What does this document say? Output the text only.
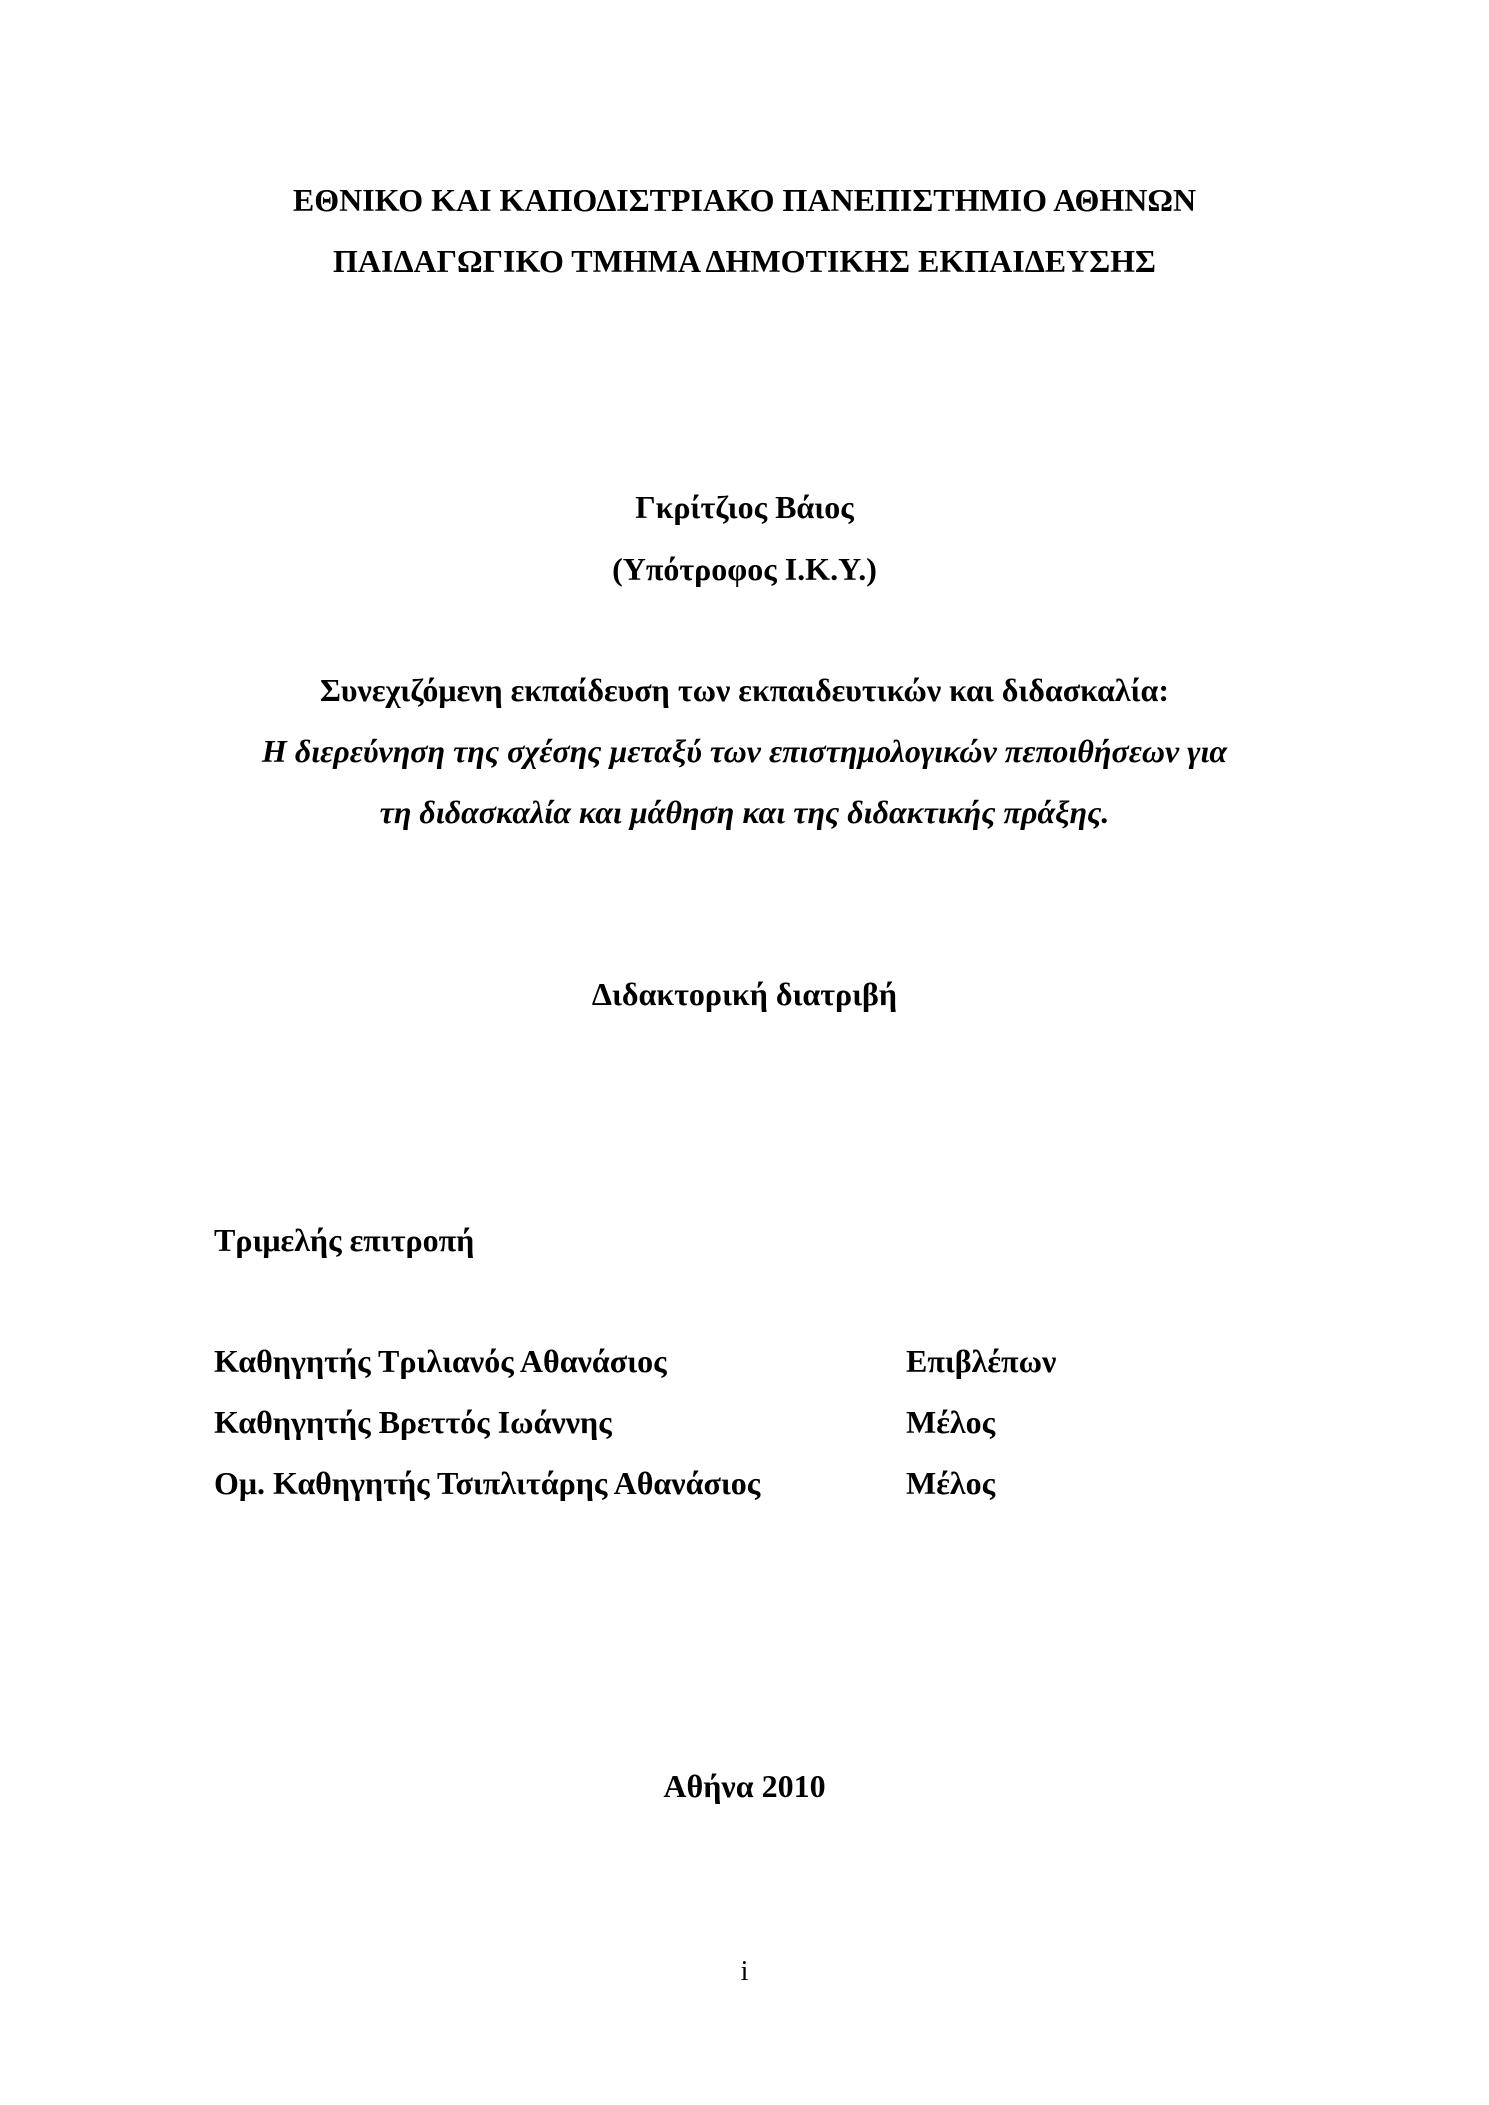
ΕΘΝΙΚΟ ΚΑΙ ΚΑΠΟΔΙΣΤΡΙΑΚΟ ΠΑΝΕΠΙΣΤΗΜΙΟ ΑΘΗΝΩΝ
ΠΑΙΔΑΓΩΓΙΚΟ ΤΜΗΜΑ ΔΗΜΟΤΙΚΗΣ ΕΚΠΑΙΔΕΥΣΗΣ
Γκρίτζιος Βάιος
(Υπότροφος Ι.Κ.Υ.)
Συνεχιζόμενη εκπαίδευση των εκπαιδευτικών και διδασκαλία:
Η διερεύνηση της σχέσης μεταξύ των επιστημολογικών πεποιθήσεων για
τη διδασκαλία και μάθηση και της διδακτικής πράξης.
Διδακτορική διατριβή
Τριμελής επιτροπή
Καθηγητής Τριλιανός Αθανάσιος	Επιβλέπων
Καθηγητής Βρεττός Ιωάννης	Μέλος
Ομ. Καθηγητής Τσιπλιτάρης Αθανάσιος	Μέλος
Αθήνα 2010
i
